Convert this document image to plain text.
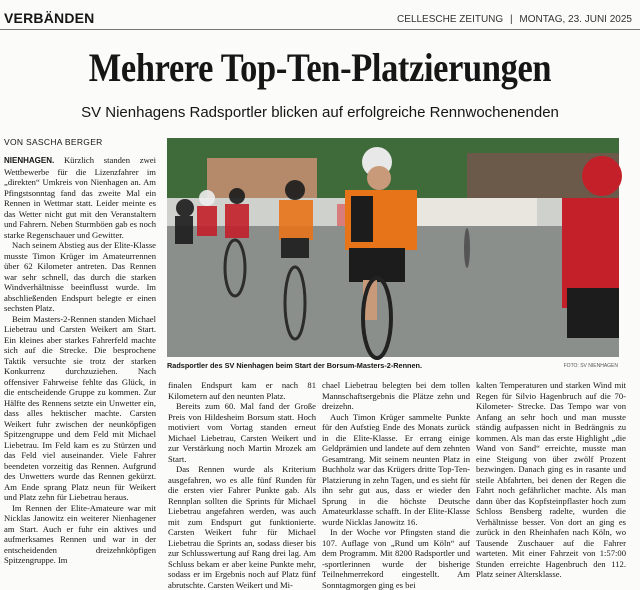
VERBÄNDEN	CELLESCHE ZEITUNG | MONTAG, 23. JUNI 2025
Mehrere Top-Ten-Platzierungen
SV Nienhagens Radsportler blicken auf erfolgreiche Rennwochenenden
VON SASCHA BERGER

NIENHAGEN. Kürzlich standen zwei Wettbewerbe für die Lizenzfahrer im „direkten“ Umkreis von Nienhagen an. Am Pfingstsonntag fand das zweite Mal ein Rennen in Wettmar statt. Leider meinte es das Wetter nicht gut mit den Veranstaltern und Fahrern. Neben Sturmböen gab es noch starke Regenschauer und Gewitter.

Nach seinem Abstieg aus der Elite-Klasse musste Timon Krüger im Amateurrennen über 62 Kilometer antreten. Das Rennen war sehr schnell, das durch die starken Windverhältnisse beeinflusst wurde. Im abschließenden Endspurt belegte er einen sechsten Platz.

Beim Masters-2-Rennen standen Michael Liebetrau und Carsten Weikert am Start. Ein kleines aber starkes Fahrerfeld machte sich auf die Strecke. Die besprochene Taktik versuchte sie trotz der starken Konkurrenz durchzuziehen. Nach offensiver Fahrweise fehlte das Glück, in die entscheidende Gruppe zu kommen. Zur Hälfte des Rennens setzte ein Unwetter ein, dass alles hektischer machte. Carsten Weikert fuhr zwischen der neunköpfigen Spitzengruppe und dem Feld mit Michael Liebetrau. Im Feld kam es zu Stürzen und das Feld viel auseinander. Viele Fahrer beendeten vorzeitig das Rennen. Aufgrund des Unwetters wurde das Rennen gekürzt. Am Ende sprang Platz neun für Weikert und Platz zehn für Liebetrau heraus.

Im Rennen der Elite-Amateure war mit Nicklas Janowitz ein weiterer Nienhagener am Start. Auch er fuhr ein aktives und aufmerksames Rennen und war in der entscheidenden dreizehnköpfigen Spitzengruppe. Im

Radsportler des SV Nienhagen beim Start der Borsum-Masters-2-Rennen.	FOTO: SV NIENHAGEN

finalen Endspurt kam er nach 81 Kilometern auf den neunten Platz.

Bereits zum 60. Mal fand der Große Preis von Hildesheim Borsum statt. Hoch motiviert vom Vortag standen erneut Michael Liebetrau, Carsten Weikert und zur Verstärkung noch Martin Mrozek am Start.

Das Rennen wurde als Kriterium ausgefahren, wo es alle fünf Runden für die ersten vier Fahrer Punkte gab. Als Rennplan sollten die Sprints für Michael Liebetrau angefahren werden, was auch mit zum Endspurt gut funktionierte. Carsten Weikert fuhr für Michael Liebetrau die Sprints an, sodass dieser bis zur Schlusswertung auf Rang drei lag. Am Schluss bekam er aber keine Punkte mehr, sodass er im Ergebnis noch auf Platz fünf abrutschte. Carsten Weikert und Mi-

chael Liebetrau belegten bei dem tollen Mannschaftsergebnis die Plätze zehn und dreizehn.

Auch Timon Krüger sammelte Punkte für den Aufstieg Ende des Monats zurück in die Elite-Klasse. Er errang einige Geldprämien und landete auf dem zehnten Gesamtrang. Mit seinem neunten Platz in Buchholz war das Krügers dritte Top-Ten-Platzierung in zehn Tagen, und es sieht für ihn sehr gut aus, dass er wieder den Sprung in die höchste Deutsche Amateurklasse schafft. In der Elite-Klasse wurde Nicklas Janowitz 16.

In der Woche vor Pfingsten stand die 107. Auflage von „Rund um Köln“ auf dem Programm. Mit 8200 Radsportler und -sportlerinnen wurde der bisherige Teilnehmerrekord eingestellt. Am Sonntagmorgen ging es bei

kalten Temperaturen und starken Wind mit Regen für Silvio Hagenbruch auf die 70-Kilometer- Strecke. Das Tempo war von Anfang an sehr hoch und man musste ständig aufpassen nicht in Bedrängnis zu kommen. Als man das erste Highlight „die Wand von Sand“ erreichte, musste man eine Steigung von über zwölf Prozent bezwingen. Danach ging es in rasante und steile Abfahrten, bei denen der Regen die Fahrt noch gefährlicher machte. Als man dann über das Kopfsteinpflaster hoch zum Schloss Bensberg radelte, wurden die Verhältnisse besser. Von dort an ging es zurück in den Rheinhafen nach Köln, wo Tausende Zuschauer auf die Fahrer warteten. Mit einer Fahrzeit von 1:57:00 Stunden erreichte Hagenbruch den 112. Platz seiner Altersklasse.
